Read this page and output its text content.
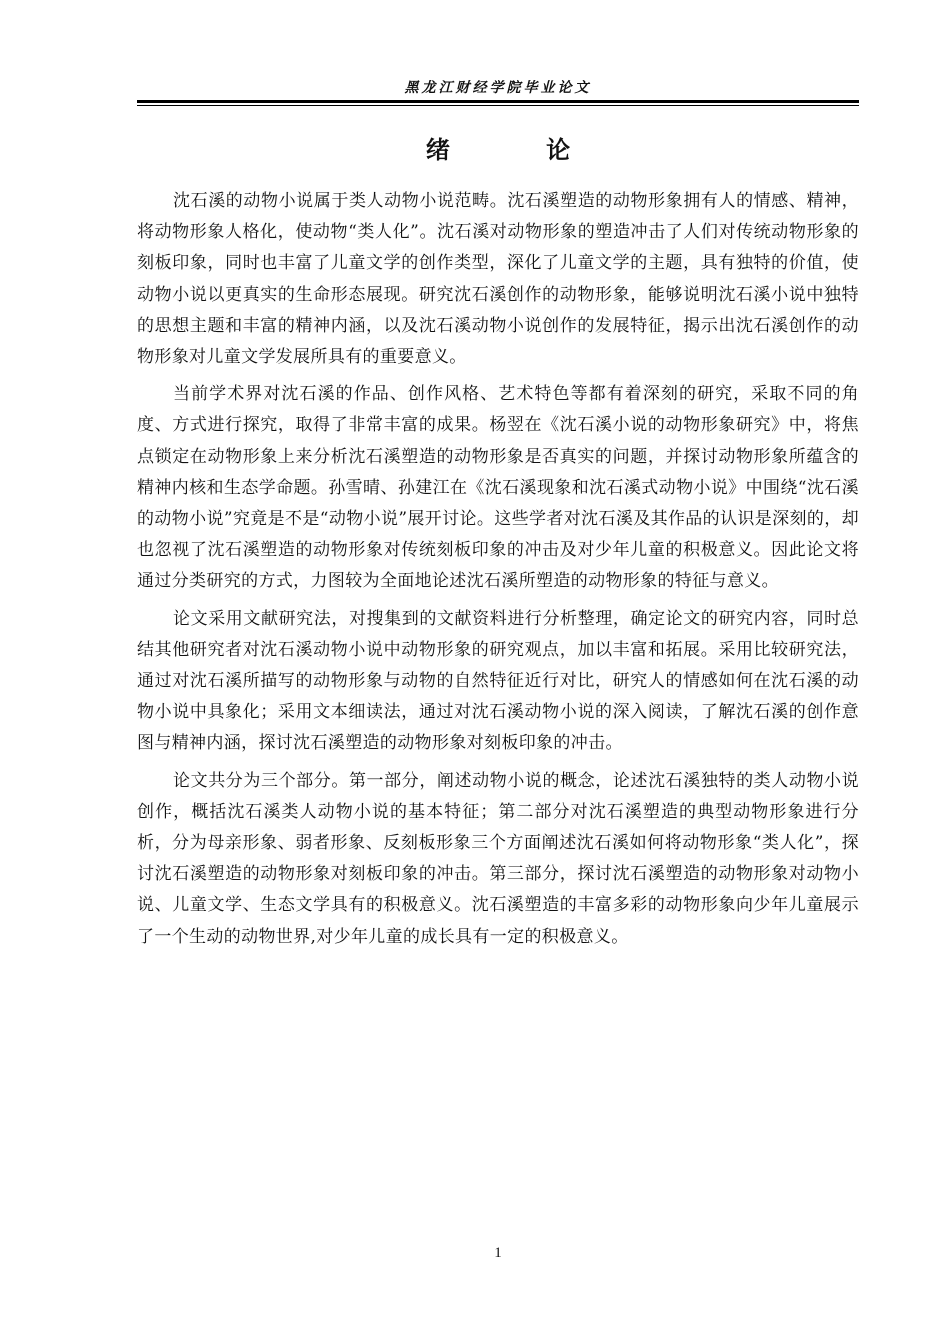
黑龙江财经学院毕业论文
绪 论

沈石溪的动物小说属于类人动物小说范畴。沈石溪塑造的动物形象拥有人的情感、精神，将动物形象人格化，使动物“类人化”。沈石溪对动物形象的塑造冲击了人们对传统动物形象的刻板印象，同时也丰富了儿童文学的创作类型，深化了儿童文学的主题，具有独特的价值，使动物小说以更真实的生命形态展现。研究沈石溪创作的动物形象，能够说明沈石溪小说中独特的思想主题和丰富的精神内涵，以及沈石溪动物小说创作的发展特征，揭示出沈石溪创作的动物形象对儿童文学发展所具有的重要意义。

当前学术界对沈石溪的作品、创作风格、艺术特色等都有着深刻的研究，采取不同的角度、方式进行探究，取得了非常丰富的成果。杨翌在《沈石溪小说的动物形象研究》中，将焦点锁定在动物形象上来分析沈石溪塑造的动物形象是否真实的问题，并探讨动物形象所蕴含的精神内核和生态学命题。孙雪晴、孙建江在《沈石溪现象和沈石溪式动物小说》中围绕“沈石溪的动物小说”究竟是不是“动物小说”展开讨论。这些学者对沈石溪及其作品的认识是深刻的，却也忽视了沈石溪塑造的动物形象对传统刻板印象的冲击及对少年儿童的积极意义。因此论文将通过分类研究的方式，力图较为全面地论述沈石溪所塑造的动物形象的特征与意义。

论文采用文献研究法，对搜集到的文献资料进行分析整理，确定论文的研究内容，同时总结其他研究者对沈石溪动物小说中动物形象的研究观点，加以丰富和拓展。采用比较研究法，通过对沈石溪所描写的动物形象与动物的自然特征近行对比，研究人的情感如何在沈石溪的动物小说中具象化；采用文本细读法，通过对沈石溪动物小说的深入阅读，了解沈石溪的创作意图与精神内涵，探讨沈石溪塑造的动物形象对刻板印象的冲击。

论文共分为三个部分。第一部分，阐述动物小说的概念，论述沈石溪独特的类人动物小说创作，概括沈石溪类人动物小说的基本特征；第二部分对沈石溪塑造的典型动物形象进行分析，分为母亲形象、弱者形象、反刻板形象三个方面阐述沈石溪如何将动物形象“类人化”，探讨沈石溪塑造的动物形象对刻板印象的冲击。第三部分，探讨沈石溪塑造的动物形象对动物小说、儿童文学、生态文学具有的积极意义。沈石溪塑造的丰富多彩的动物形象向少年儿童展示了一个生动的动物世界,对少年儿童的成长具有一定的积极意义。

1
